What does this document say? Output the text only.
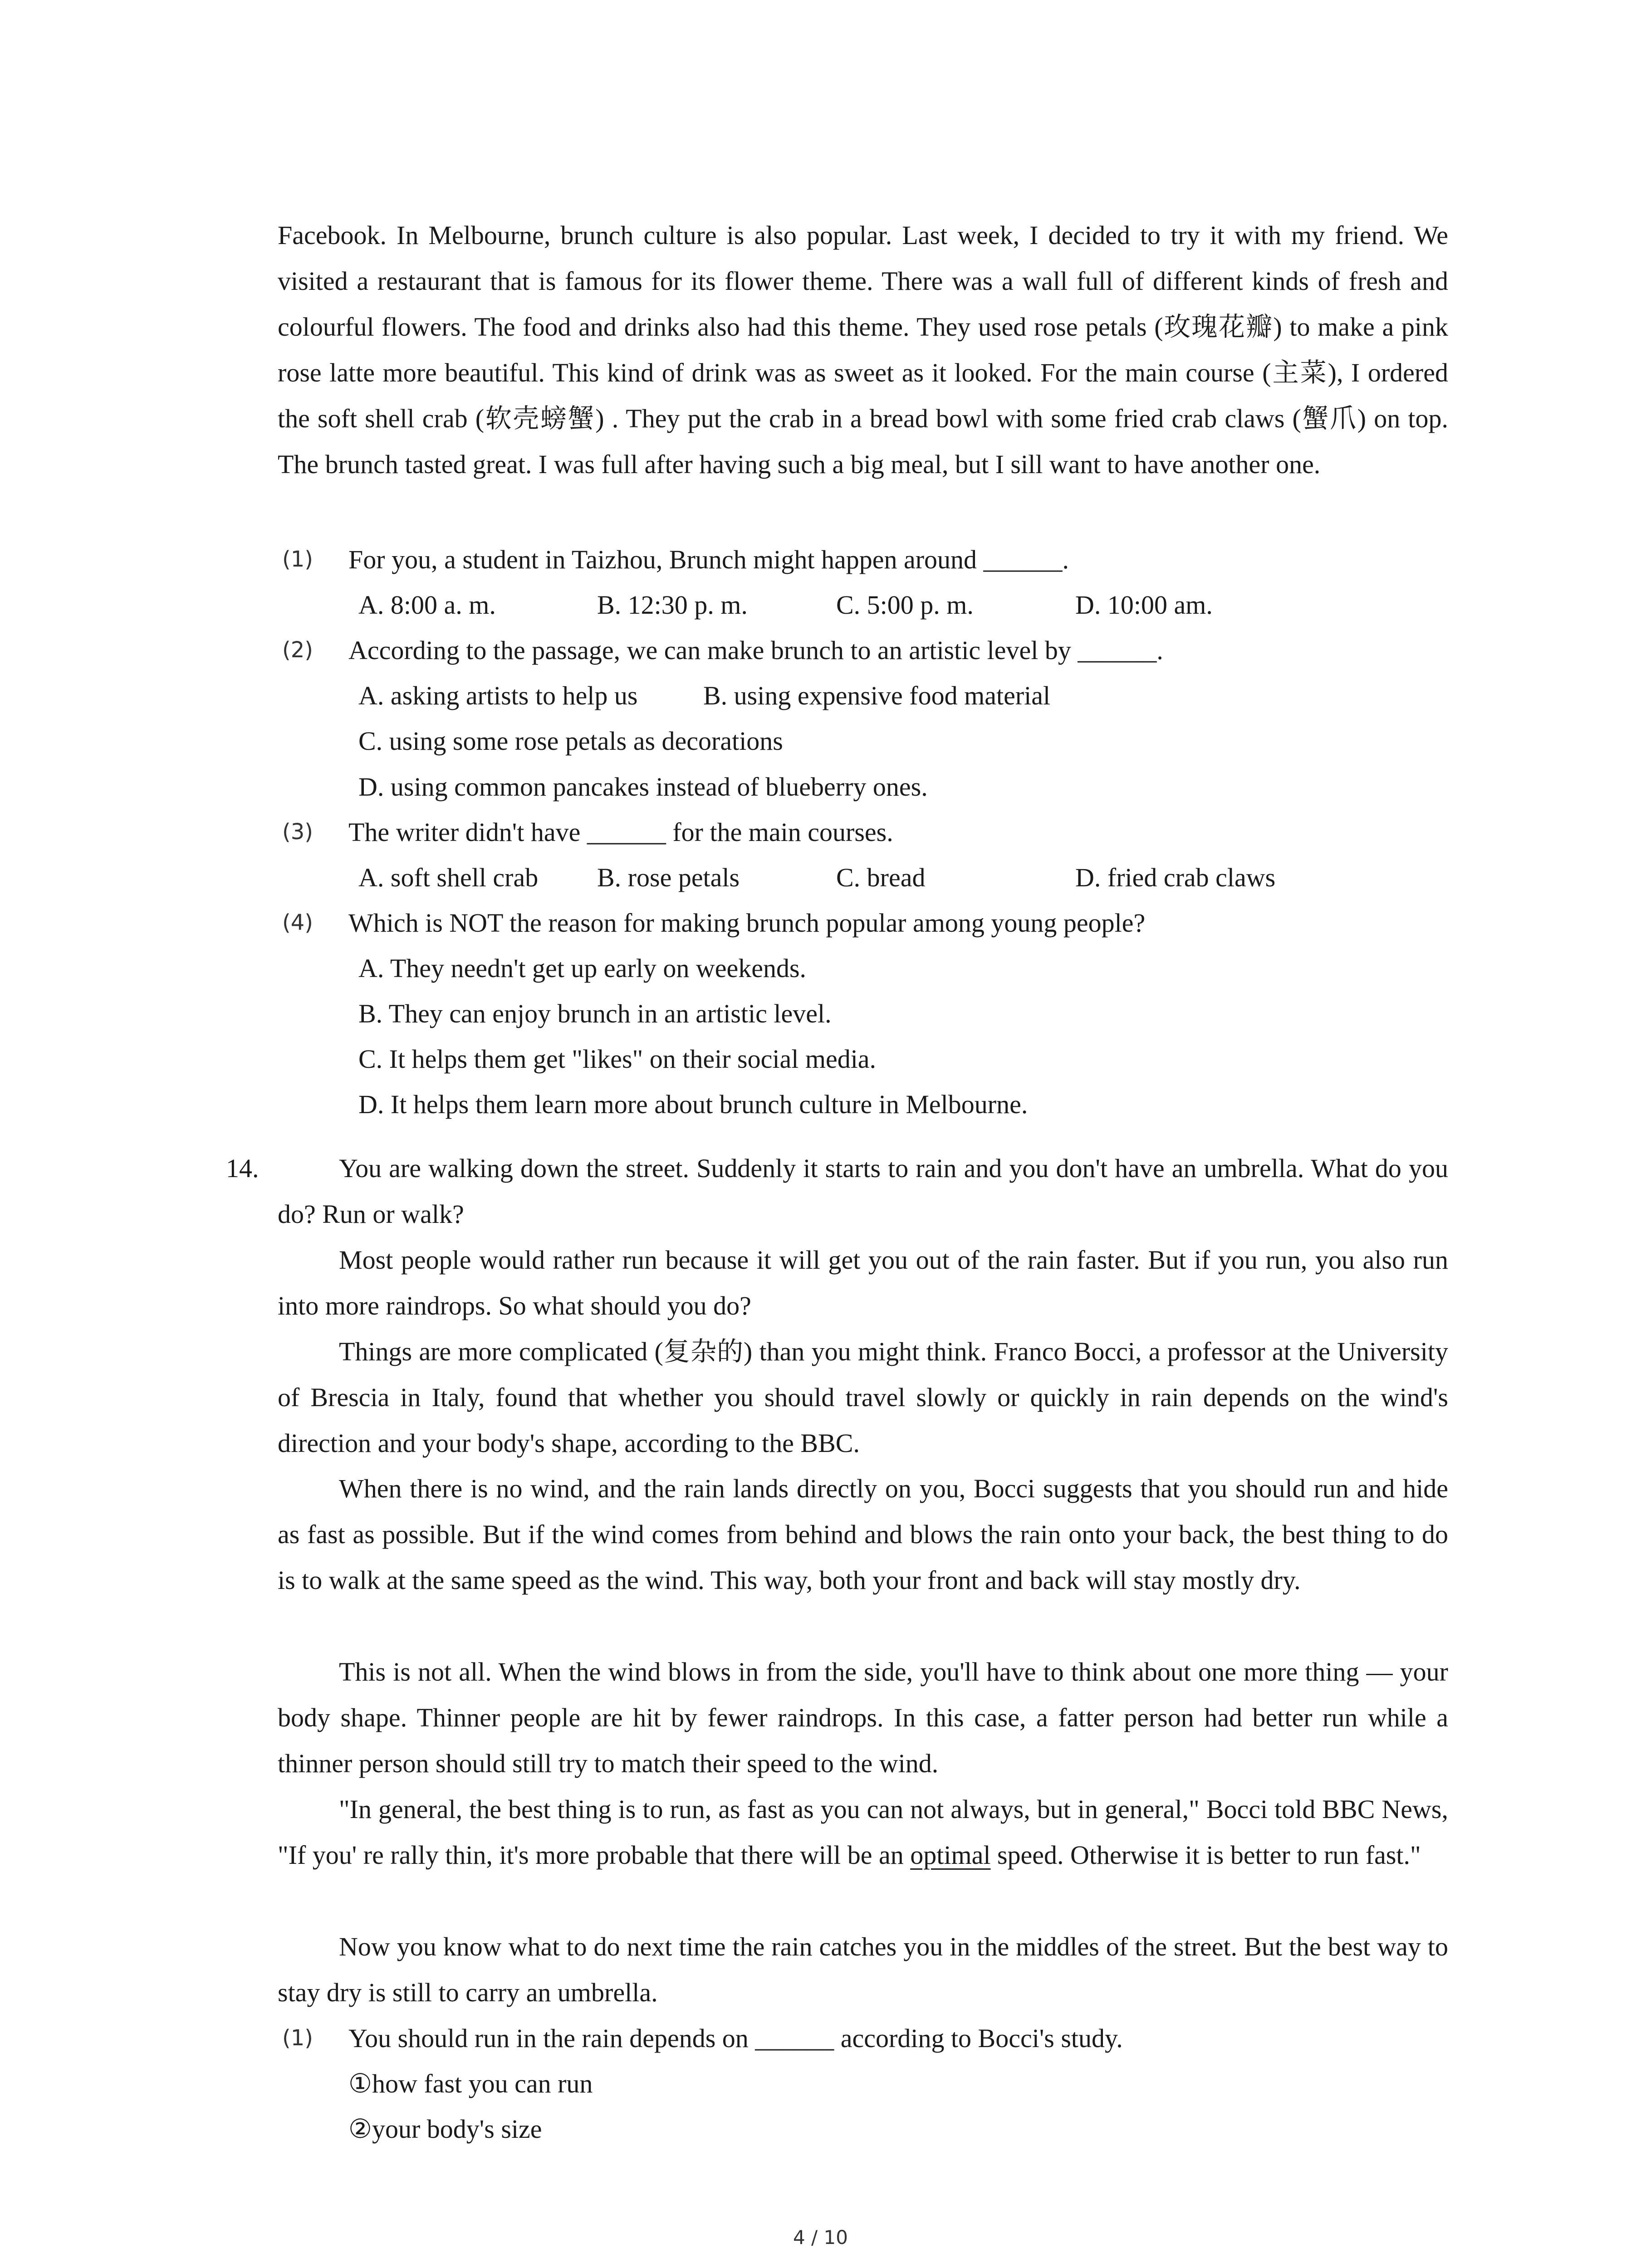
Facebook. In Melbourne, brunch culture is also popular. Last week, I decided to try it with my friend. We visited a restaurant that is famous for its flower theme. There was a wall full of different kinds of fresh and colourful flowers. The food and drinks also had this theme. They used rose petals (玫瑰花瓣) to make a pink rose latte more beautiful. This kind of drink was as sweet as it looked. For the main course (主菜), I ordered the soft shell crab (软壳螃蟹) . They put the crab in a bread bowl with some fried crab claws (蟹爪) on top. The brunch tasted great. I was full after having such a big meal, but I sill want to have another one.

(1) For you, a student in Taizhou, Brunch might happen around ______.
A. 8:00 a. m.	B. 12:30 p. m.	C. 5:00 p. m.	D. 10:00 am.
(2) According to the passage, we can make brunch to an artistic level by ______.
A. asking artists to help us B. using expensive food material
C. using some rose petals as decorations
D. using common pancakes instead of blueberry ones.
(3) The writer didn't have ______ for the main courses.
A. soft shell crab B. rose petals	C. bread	D. fried crab claws
(4) Which is NOT the reason for making brunch popular among young people?
A. They needn't get up early on weekends.
B. They can enjoy brunch in an artistic level.
C. It helps them get "likes" on their social media.
D. It helps them learn more about brunch culture in Melbourne.
14.	You are walking down the street. Suddenly it starts to rain and you don't have an umbrella. What do you do? Run or walk?

Most people would rather run because it will get you out of the rain faster. But if you run, you also run into more raindrops. So what should you do?

Things are more complicated (复杂的) than you might think. Franco Bocci, a professor at the University of Brescia in Italy, found that whether you should travel slowly or quickly in rain depends on the wind's direction and your body's shape, according to the BBC.

When there is no wind, and the rain lands directly on you, Bocci suggests that you should run and hide as fast as possible. But if the wind comes from behind and blows the rain onto your back, the best thing to do is to walk at the same speed as the wind. This way, both your front and back will stay mostly dry.

This is not all. When the wind blows in from the side, you'll have to think about one more thing — your body shape. Thinner people are hit by fewer raindrops. In this case, a fatter person had better run while a thinner person should still try to match their speed to the wind.

"In general, the best thing is to run, as fast as you can not always, but in general," Bocci told BBC News, "If you' re rally thin, it's more probable that there will be an optimal speed. Otherwise it is better to run fast."

Now you know what to do next time the rain catches you in the middles of the street. But the best way to stay dry is still to carry an umbrella.

(1) You should run in the rain depends on ______ according to Bocci's study.
①how fast you can run
②your body's size
4 / 10
